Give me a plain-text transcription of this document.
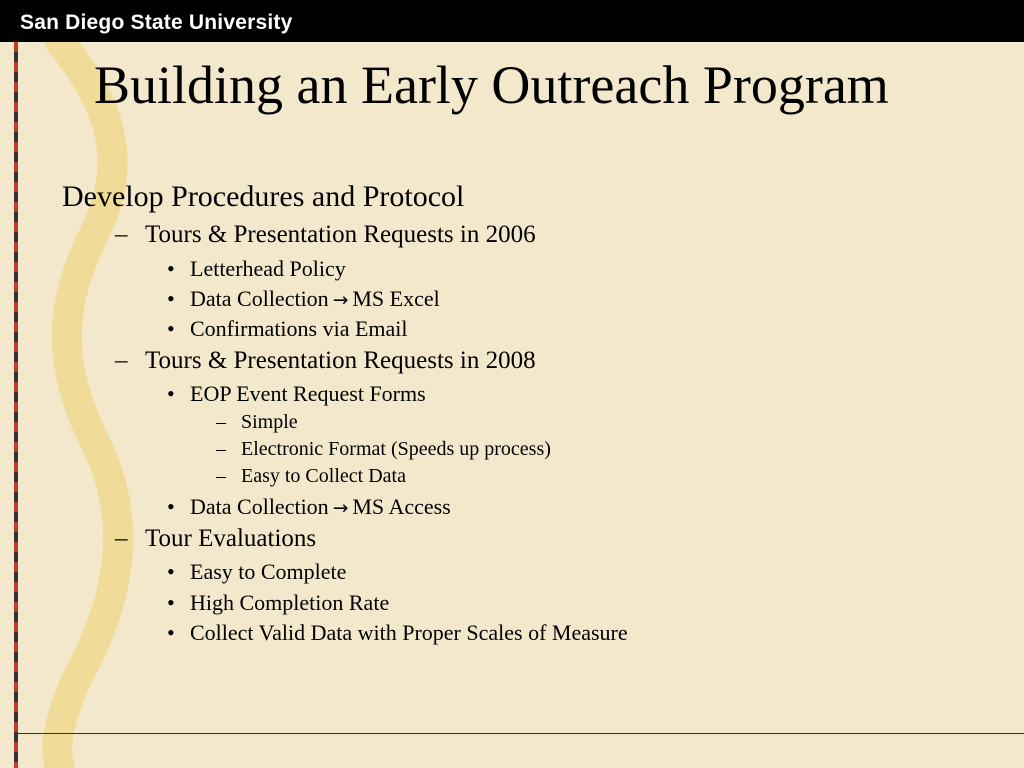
San Diego State University
Building an Early Outreach Program
Develop Procedures and Protocol
– Tours & Presentation Requests in 2006
• Letterhead Policy
• Data Collection → MS Excel
• Confirmations via Email
– Tours & Presentation Requests in 2008
• EOP Event Request Forms
– Simple
– Electronic Format (Speeds up process)
– Easy to Collect Data
• Data Collection → MS Access
– Tour Evaluations
• Easy to Complete
• High Completion Rate
• Collect Valid Data with Proper Scales of Measure
